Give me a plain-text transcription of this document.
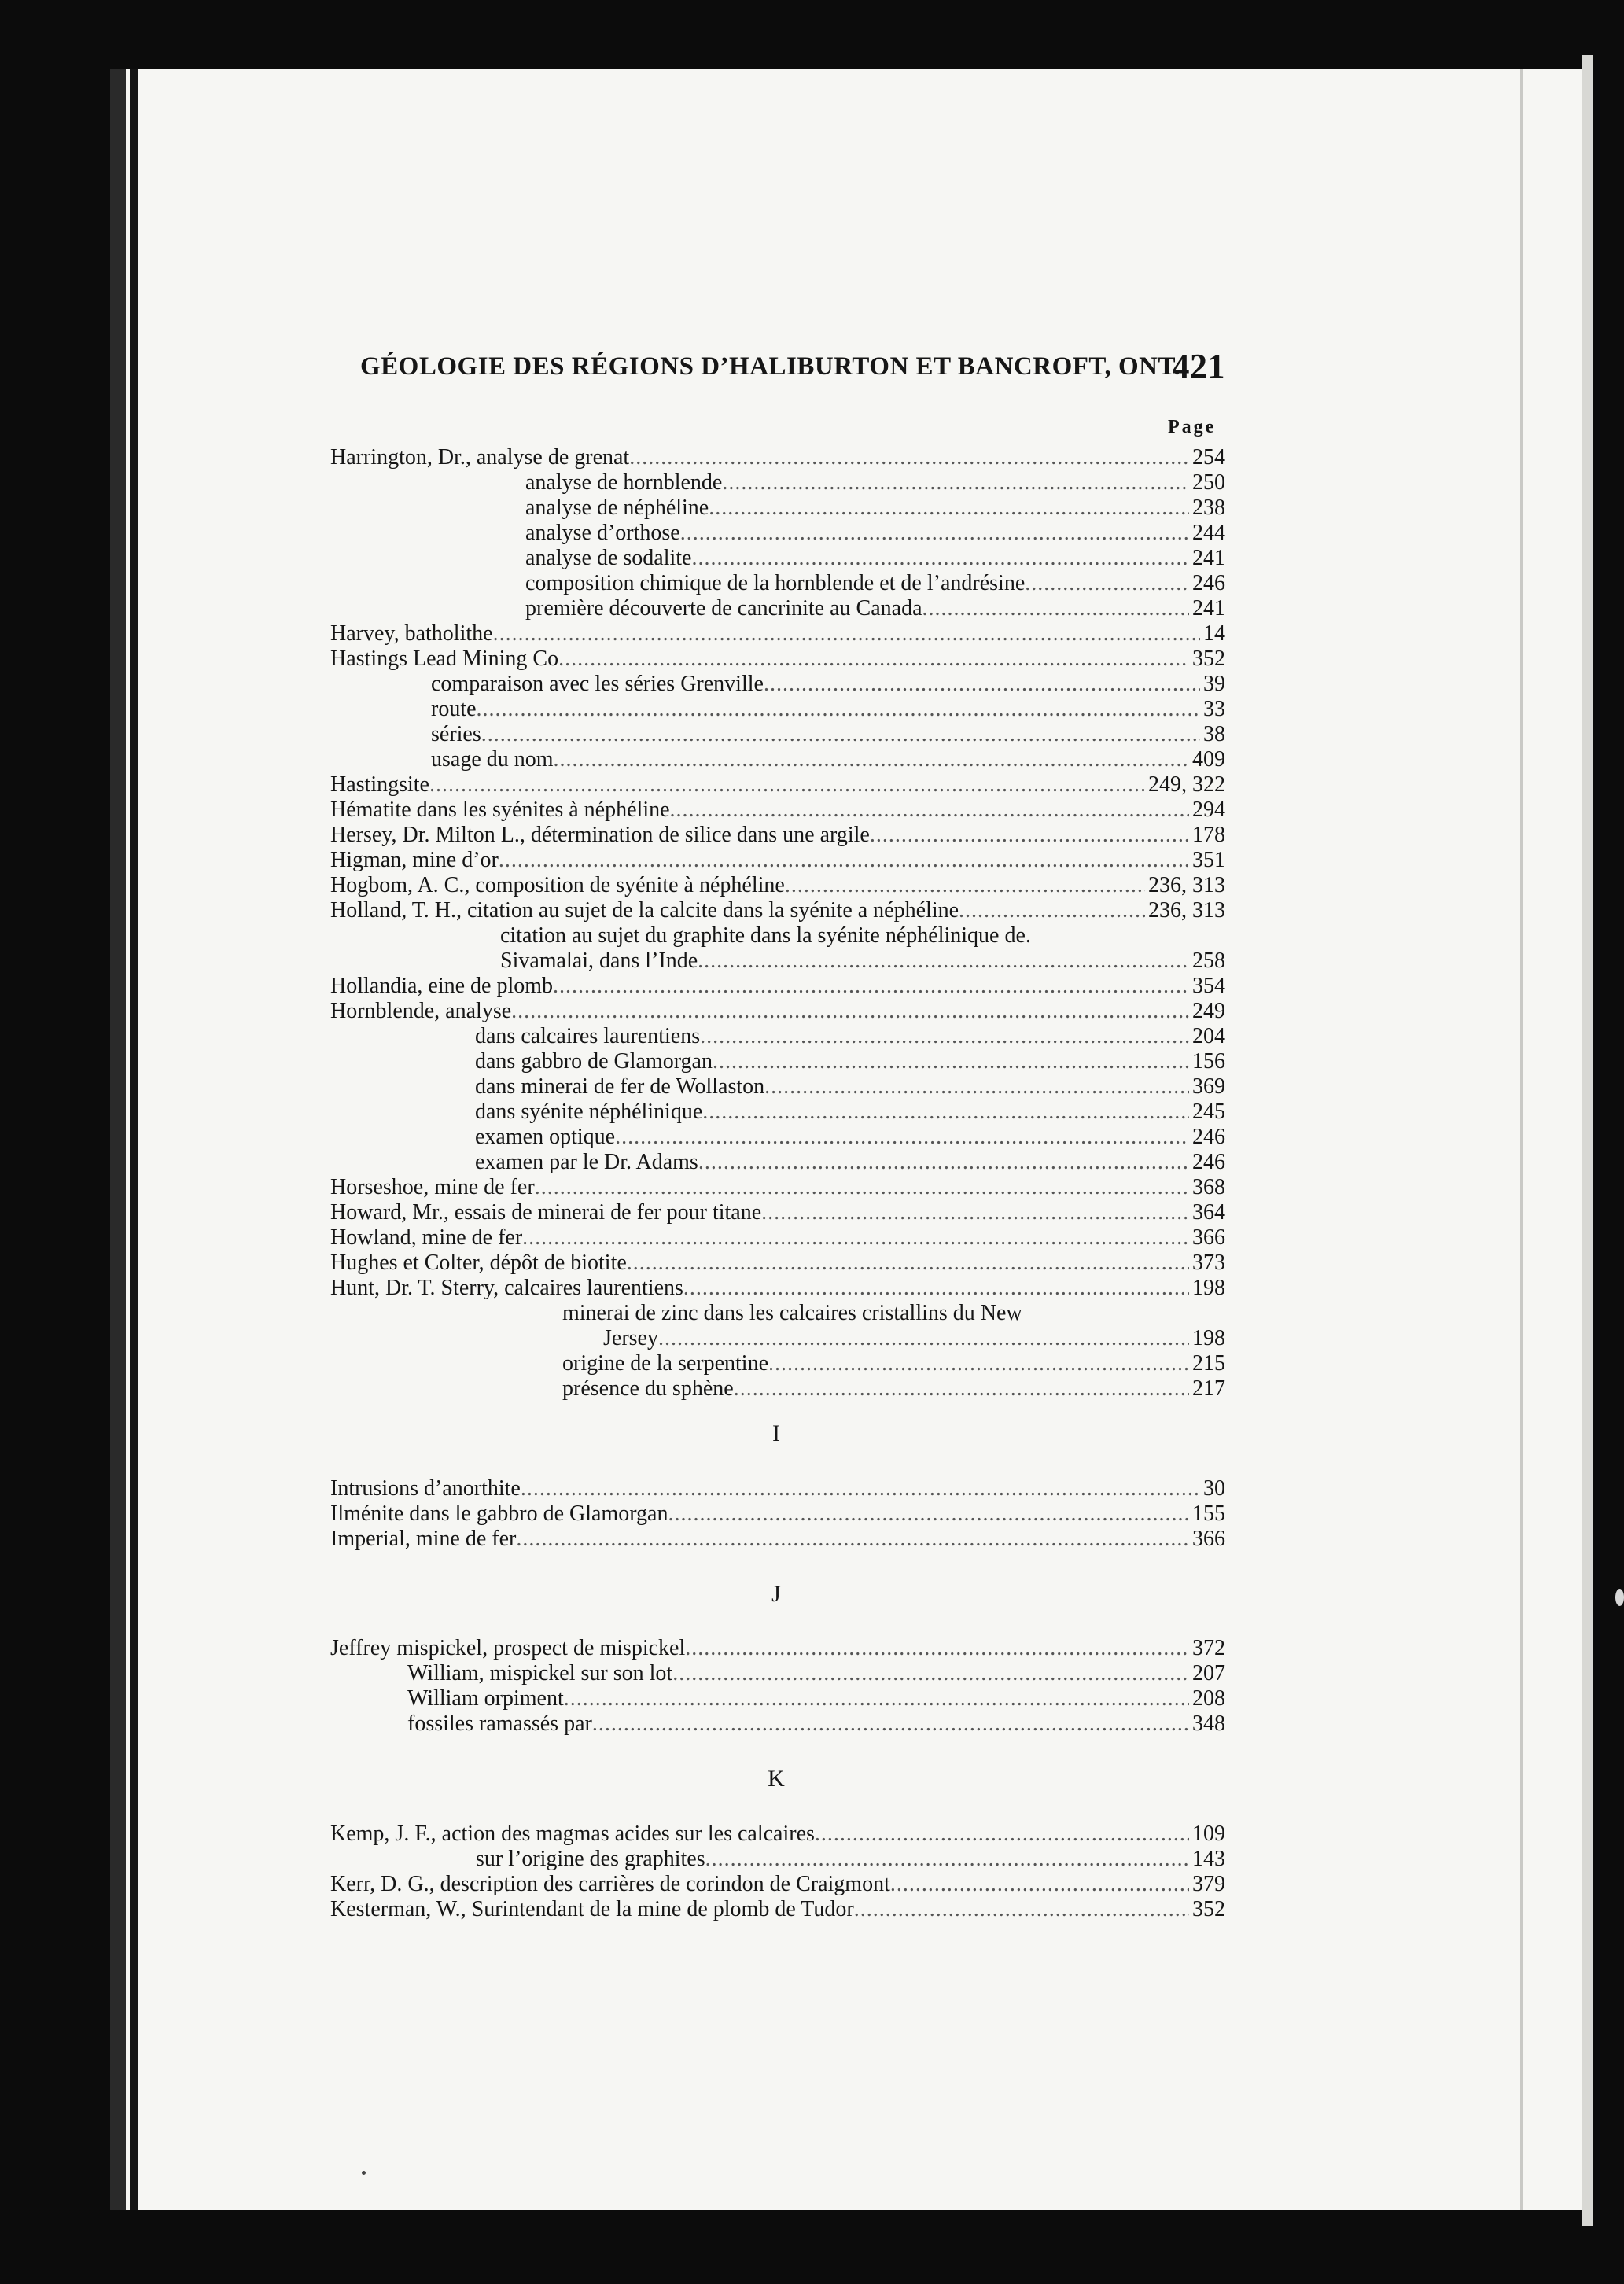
GÉOLOGIE DES RÉGIONS D’HALIBURTON ET BANCROFT, ONT.
421
Page
Harrington, Dr., analyse de grenat . . .	254
analyse de hornblende . . .	250
analyse de néphéline . . .	238
analyse d’orthose . . .	244
analyse de sodalite . . .	241
composition chimique de la hornblende et de l’andrésine . . .	246
première découverte de cancrinite au Canada . . .	241
Harvey, batholithe . . .	14
Hastings Lead Mining Co . . .	352
comparaison avec les séries Grenville . . .	39
route . . .	33
séries . . .	38
usage du nom . . .	409
Hastingsite . . .	249, 322
Hématite dans les syénites à néphéline . . .	294
Hersey, Dr. Milton L., détermination de silice dans une argile . . .	178
Higman, mine d’or . . .	351
Hogbom, A. C., composition de syénite à néphéline . . .	236, 313
Holland, T. H., citation au sujet de la calcite dans la syénite a néphéline . . .	236, 313
citation au sujet du graphite dans la syénite néphélinique de.
Sivamalai, dans l’Inde . . .	258
Hollandia, eine de plomb . . .	354
Hornblende, analyse . . .	249
dans calcaires laurentiens . . .	204
dans gabbro de Glamorgan . . .	156
dans minerai de fer de Wollaston . . .	369
dans syénite néphélinique . . .	245
examen optique . . .	246
examen par le Dr. Adams . . .	246
Horseshoe, mine de fer . . .	368
Howard, Mr., essais de minerai de fer pour titane . . .	364
Howland, mine de fer . . .	366
Hughes et Colter, dépôt de biotite . . .	373
Hunt, Dr. T. Sterry, calcaires laurentiens . . .	198
minerai de zinc dans les calcaires cristallins du New
Jersey . . .	198
origine de la serpentine . . .	215
présence du sphène . . .	217
I
Intrusions d’anorthite . . .	30
Ilménite dans le gabbro de Glamorgan . . .	155
Imperial, mine de fer . . .	366
J
Jeffrey mispickel, prospect de mispickel . . .	372
William, mispickel sur son lot . . .	207
William orpiment . . .	208
fossiles ramassés par . . .	348
K
Kemp, J. F., action des magmas acides sur les calcaires . . .	109
sur l’origine des graphites . . .	143
Kerr, D. G., description des carrières de corindon de Craigmont . . .	379
Kesterman, W., Surintendant de la mine de plomb de Tudor . . .	352
